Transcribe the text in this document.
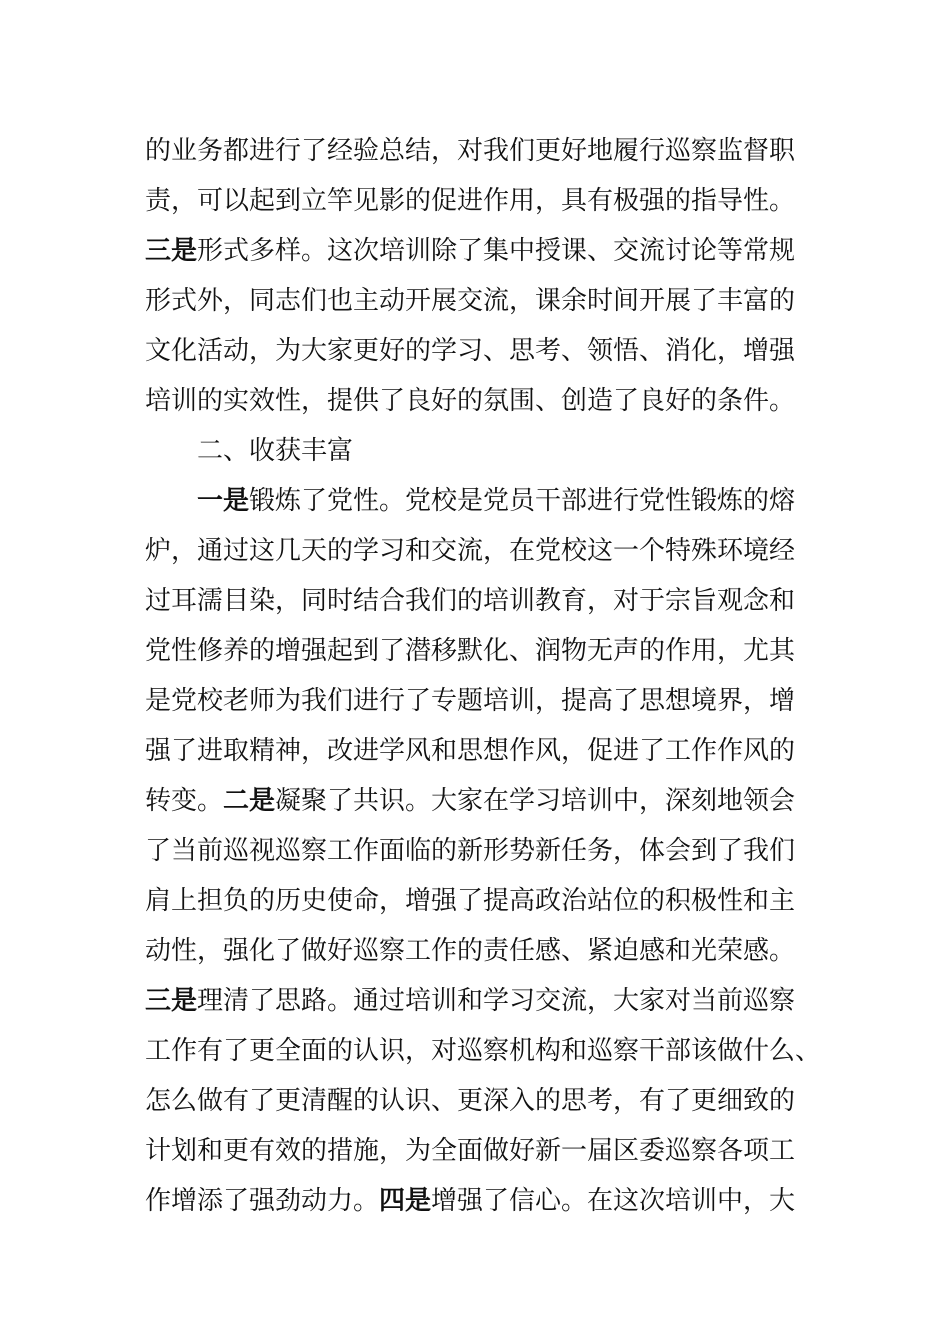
的业务都进行了经验总结，对我们更好地履行巡察监督职
责，可以起到立竿见影的促进作用，具有极强的指导性。
三是形式多样。这次培训除了集中授课、交流讨论等常规
形式外，同志们也主动开展交流，课余时间开展了丰富的
文化活动，为大家更好的学习、思考、领悟、消化，增强
培训的实效性，提供了良好的氛围、创造了良好的条件。
二、收获丰富
一是锻炼了党性。党校是党员干部进行党性锻炼的熔
炉，通过这几天的学习和交流，在党校这一个特殊环境经
过耳濡目染，同时结合我们的培训教育，对于宗旨观念和
党性修养的增强起到了潜移默化、润物无声的作用，尤其
是党校老师为我们进行了专题培训，提高了思想境界，增
强了进取精神，改进学风和思想作风，促进了工作作风的
转变。二是凝聚了共识。大家在学习培训中，深刻地领会
了当前巡视巡察工作面临的新形势新任务，体会到了我们
肩上担负的历史使命，增强了提高政治站位的积极性和主
动性，强化了做好巡察工作的责任感、紧迫感和光荣感。
三是理清了思路。通过培训和学习交流，大家对当前巡察
工作有了更全面的认识，对巡察机构和巡察干部该做什么、
怎么做有了更清醒的认识、更深入的思考，有了更细致的
计划和更有效的措施，为全面做好新一届区委巡察各项工
作增添了强劲动力。四是增强了信心。在这次培训中，大
